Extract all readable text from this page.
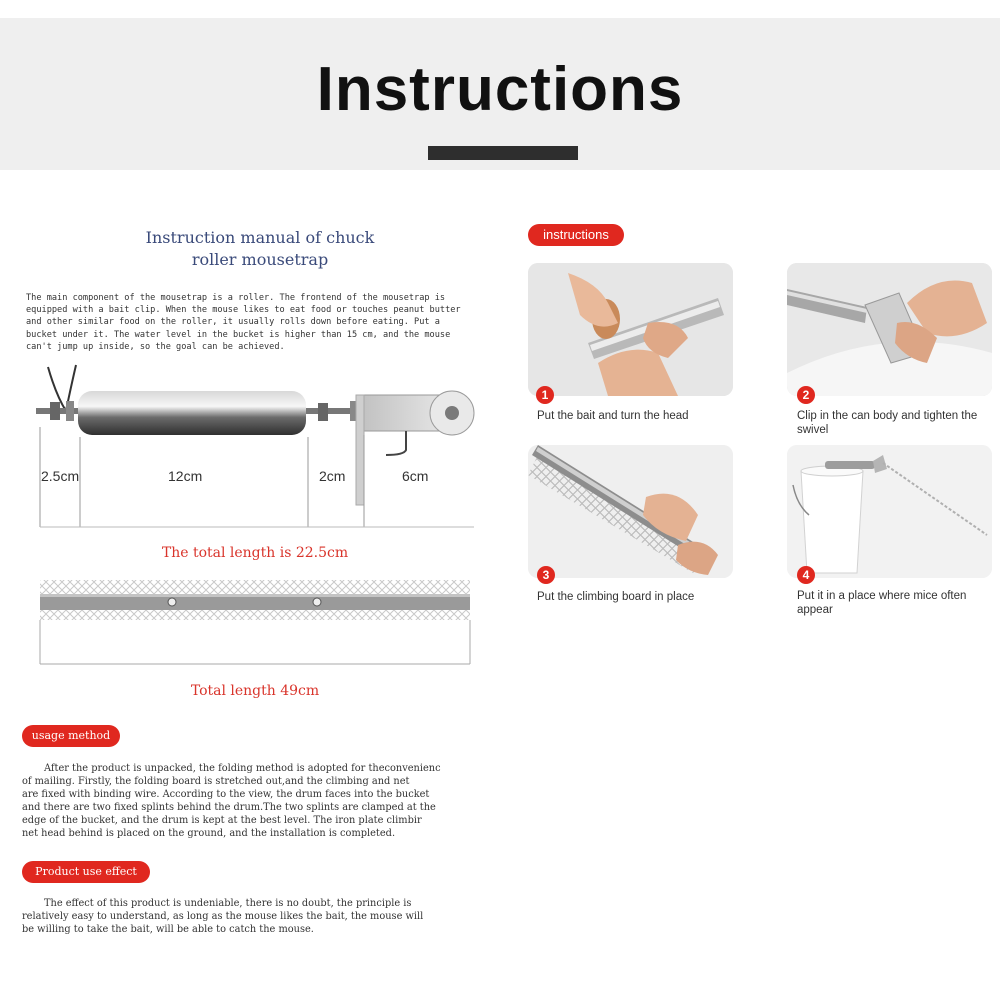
Instructions
Instruction manual of chuck
roller mousetrap
The main component of the mousetrap is a roller. The frontend of the mousetrap is
equipped with a bait clip. When the mouse likes to eat food or touches peanut butter
and other similar food on the roller, it usually rolls down before eating. Put a
bucket under it. The water level in the bucket is higher than 15 cm, and the mouse
can't jump up inside, so the goal can be achieved.
2.5cm	12cm	2cm	6cm
The total length is 22.5cm
Total length 49cm
usage method
After the product is unpacked, the folding method is adopted for theconvenienc
of mailing. Firstly, the folding board is stretched out,and the climbing and net
are fixed with binding wire. According to the view, the drum faces into the bucket
and there are two fixed splints behind the drum.The two splints are clamped at the
edge of the bucket, and the drum is kept at the best level. The iron plate climbir
net head behind is placed on the ground, and the installation is completed.
Product use effect
The effect of this product is undeniable, there is no doubt, the principle is
relatively easy to understand, as long as the mouse likes the bait, the mouse will
be willing to take the bait, will be able to catch the mouse.
instructions
1
Put the bait and turn the head
2
Clip in the can body and tighten the
swivel
3
Put the climbing board in place
4
Put it in a place where mice often
appear
